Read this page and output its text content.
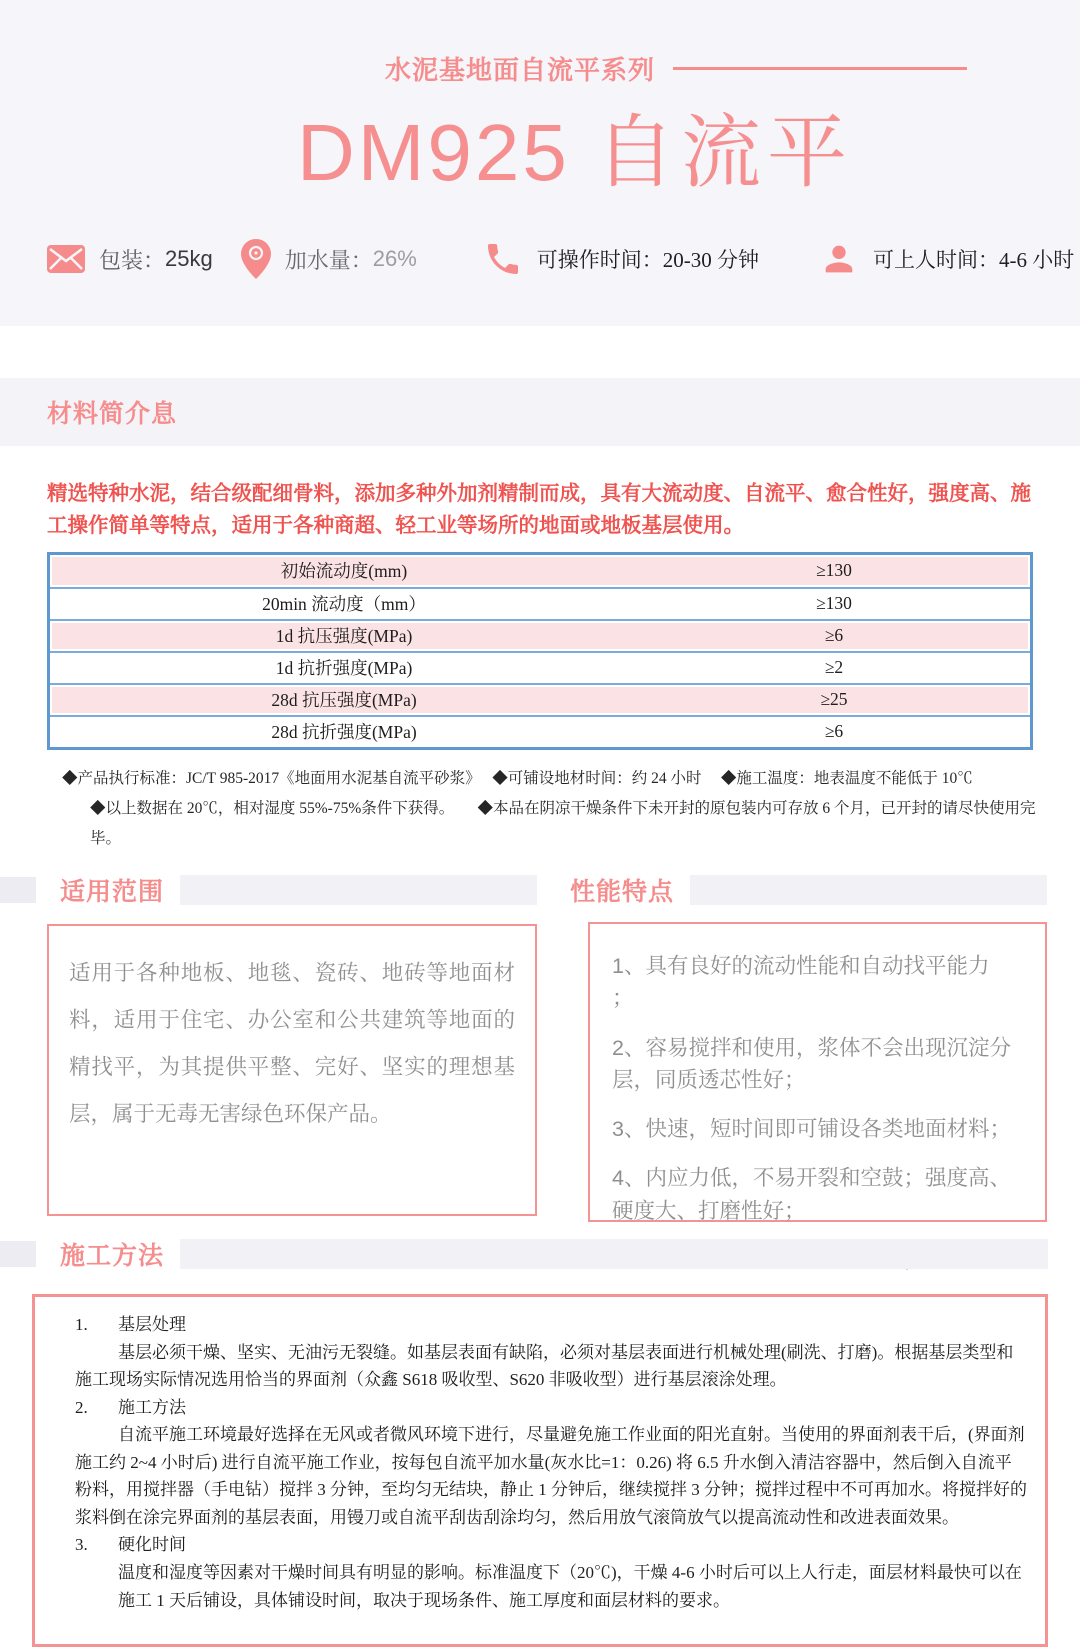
水泥基地面自流平系列
DM925 自流平
包装： 25kg	加水量： 26%	可操作时间： 20-30 分钟	可上人时间： 4-6 小时
材料简介息
精选特种水泥，结合级配细骨料，添加多种外加剂精制而成，具有大流动度、自流平、愈合性好，强度高、施工操作简单等特点，适用于各种商超、轻工业等场所的地面或地板基层使用。
初始流动度(mm)	≥130
20min 流动度（mm）	≥130
1d 抗压强度(MPa)	≥6
1d 抗折强度(MPa)	≥2
28d 抗压强度(MPa)	≥25
28d 抗折强度(MPa)	≥6
◆产品执行标准：JC/T 985-2017《地面用水泥基自流平砂浆》　 ◆可铺设地材时间：约 24 小时　 ◆施工温度：地表温度不能低于 10℃
◆以上数据在 20℃，相对湿度 55%-75%条件下获得。　　◆本品在阴凉干燥条件下未开封的原包装内可存放 6 个月，已开封的请尽快使用完毕。
适用范围
适用于各种地板、地毯、瓷砖、地砖等地面材料，适用于住宅、办公室和公共建筑等地面的精找平，为其提供平整、完好、坚实的理想基层，属于无毒无害绿色环保产品。
性能特点
1、具有良好的流动性能和自动找平能力　 ；
2、容易搅拌和使用，浆体不会出现沉淀分层，同质透芯性好；
3、快速，短时间即可铺设各类地面材料；
4、内应力低，不易开裂和空鼓；强度高、硬度大、打磨性好；
施工方法
1.	基层处理
基层必须干燥、坚实、无油污无裂缝。如基层表面有缺陷，必须对基层表面进行机械处理(刷洗、打磨)。根据基层类型和施工现场实际情况选用恰当的界面剂（众鑫 S618 吸收型、S620 非吸收型）进行基层滚涂处理。
2.	施工方法
自流平施工环境最好选择在无风或者微风环境下进行，尽量避免施工作业面的阳光直射。当使用的界面剂表干后，(界面剂施工约 2~4 小时后) 进行自流平施工作业，按每包自流平加水量(灰水比=1：0.26) 将 6.5 升水倒入清洁容器中，然后倒入自流平粉料，用搅拌器（手电钻）搅拌 3 分钟，至均匀无结块，静止 1 分钟后，继续搅拌 3 分钟；搅拌过程中不可再加水。将搅拌好的浆料倒在涂完界面剂的基层表面，用镘刀或自流平刮齿刮涂均匀，然后用放气滚筒放气以提高流动性和改进表面效果。
3.	硬化时间
温度和湿度等因素对干燥时间具有明显的影响。标准温度下（20℃)，干燥 4-6 小时后可以上人行走，面层材料最快可以在施工 1 天后铺设，具体铺设时间，取决于现场条件、施工厚度和面层材料的要求。
